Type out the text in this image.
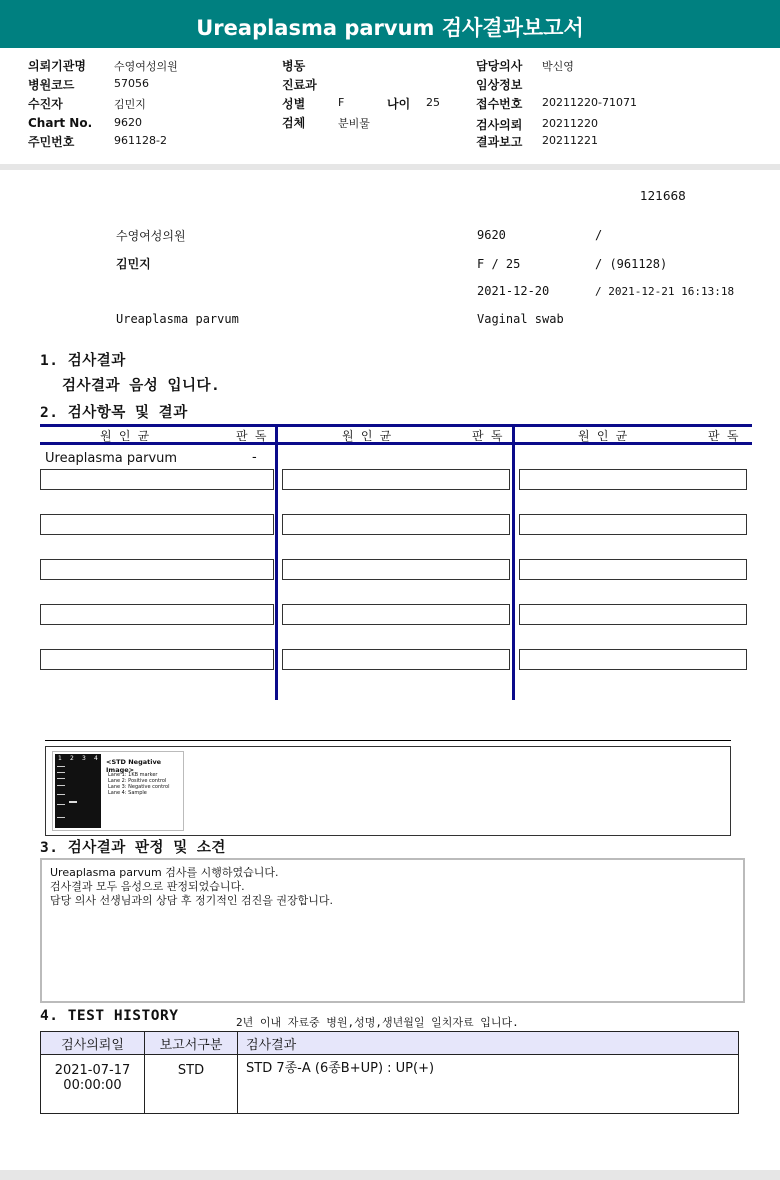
Ureaplasma parvum 검사결과보고서
의뢰기관명	수영여성의원
병원코드	57056
수진자	김민지
Chart No. 9620
주민번호	961128-2
병동
진료과
성별	F	나이 25
검체	분비물
담당의사 박신영
임상정보
접수번호 20211220-71071
검사의뢰 20211220
결과보고 20211221
121668
수영여성의원	9620	/
김민지	F / 25	/ (961128)
2021-12-20	/ 2021-12-21 16:13:18
Ureaplasma parvum	Vaginal swab
1. 검사결과
검사결과 음성 입니다.
2. 검사항목 및 결과
원 인 균	판 독	원 인 균	판 독	원 인 균	판 독
Ureaplasma parvum	-
1 2 3 4 <STD Negative Image>
Lane 1: 1KB marker
Lane 2: Positive control
Lane 3: Negative control
Lane 4: Sample
3. 검사결과 판정 및 소견
Ureaplasma parvum 검사를 시행하였습니다.
검사결과 모두 음성으로 판정되었습니다.
담당 의사 선생님과의 상담 후 정기적인 검진을 권장합니다.
4. TEST HISTORY	2년 이내 자료중 병원,성명,생년월일 일치자료 입니다.
검사의뢰일	보고서구분	검사결과

2021-07-17
00:00:00	STD	STD 7종-A (6종B+UP) : UP(+)
